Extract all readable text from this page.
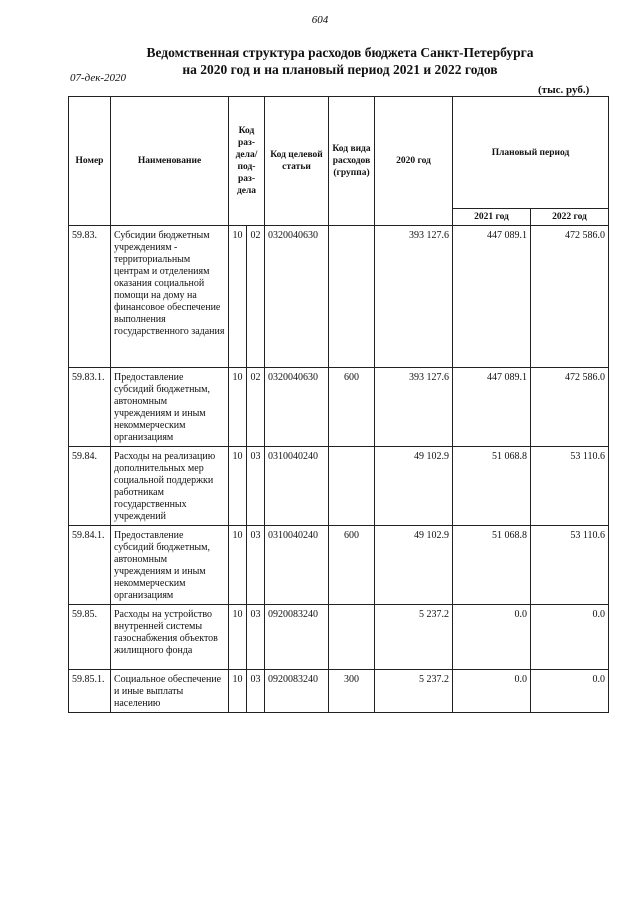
604
Ведомственная структура расходов бюджета Санкт-Петербурга
на 2020 год и на плановый период 2021 и 2022 годов
07-дек-2020
(тыс. руб.)
Номер	Наименование	Код раз-дела/ под-раз-дела		Код целевой статьи	Код вида расходов (группа)	2020 год	Плановый период	
							2021 год	2022 год
59.83.	Субсидии бюджетным учреждениям - территориальным центрам и отделениям оказания социальной помощи на дому на финансовое обеспечение выполнения государственного задания	10	02	0320040630		393 127.6	447 089.1	472 586.0
59.83.1.	Предоставление субсидий бюджетным, автономным учреждениям и иным некоммерческим организациям	10	02	0320040630	600	393 127.6	447 089.1	472 586.0
59.84.	Расходы на реализацию дополнительных мер социальной поддержки работникам государственных учреждений	10	03	0310040240		49 102.9	51 068.8	53 110.6
59.84.1.	Предоставление субсидий бюджетным, автономным учреждениям и иным некоммерческим организациям	10	03	0310040240	600	49 102.9	51 068.8	53 110.6
59.85.	Расходы на устройство внутренней системы газоснабжения объектов жилищного фонда	10	03	0920083240		5 237.2	0.0	0.0
59.85.1.	Социальное обеспечение и иные выплаты населению	10	03	0920083240	300	5 237.2	0.0	0.0
